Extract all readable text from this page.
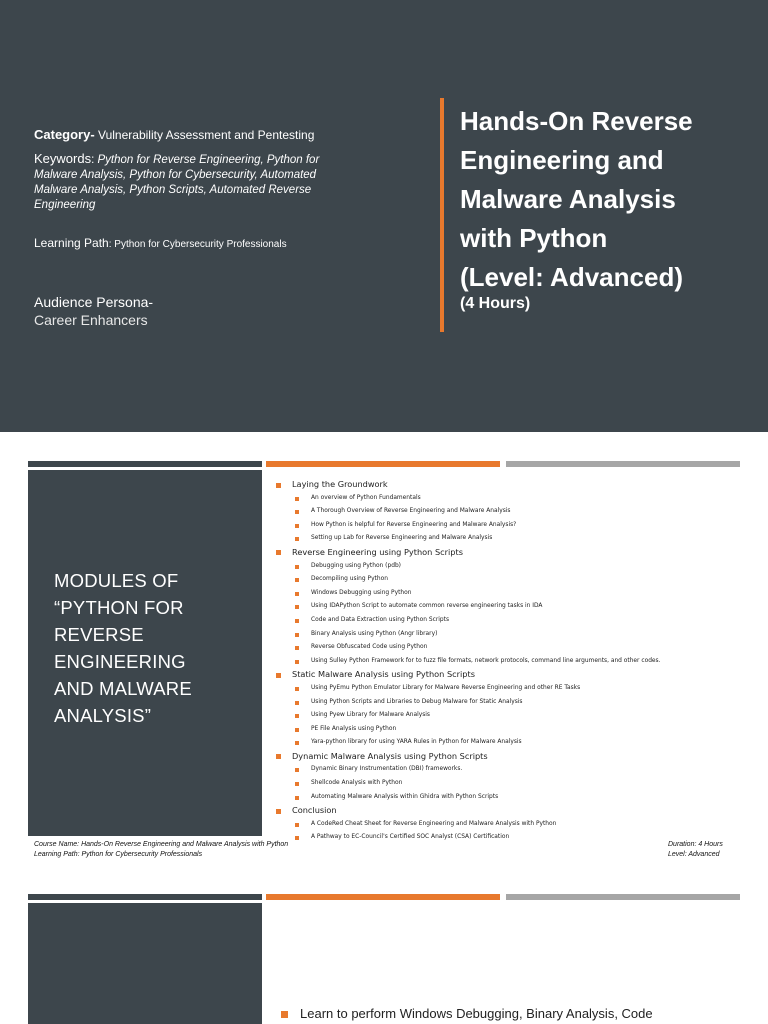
Category- Vulnerability Assessment and Pentesting
Keywords: Python for Reverse Engineering, Python for Malware Analysis, Python for Cybersecurity, Automated Malware Analysis, Python Scripts, Automated Reverse Engineering
Learning Path: Python for Cybersecurity Professionals
Audience Persona-
Career Enhancers
Hands-On Reverse
Engineering and
Malware Analysis
with Python
(Level: Advanced)
(4 Hours)
MODULES OF
“PYTHON FOR
REVERSE
ENGINEERING
AND MALWARE
ANALYSIS”
Laying the Groundwork
An overview of Python Fundamentals
A Thorough Overview of Reverse Engineering and Malware Analysis
How Python is helpful for Reverse Engineering and Malware Analysis?
Setting up Lab for Reverse Engineering and Malware Analysis
Reverse Engineering using Python Scripts
Debugging using Python (pdb)
Decompiling using Python
Windows Debugging using Python
Using IDAPython Script to automate common reverse engineering tasks in IDA
Code and Data Extraction using Python Scripts
Binary Analysis using Python (Angr library)
Reverse Obfuscated Code using Python
Using Sulley Python Framework for to fuzz file formats, network protocols, command line arguments, and other codes.
Static Malware Analysis using Python Scripts
Using PyEmu Python Emulator Library for Malware Reverse Engineering and other RE Tasks
Using Python Scripts and Libraries to Debug Malware for Static Analysis
Using Pyew Library for Malware Analysis
PE File Analysis using Python
Yara-python library for using YARA Rules in Python for Malware Analysis
Dynamic Malware Analysis using Python Scripts
Dynamic Binary Instrumentation (DBI) frameworks.
Shellcode Analysis with Python
Automating Malware Analysis within Ghidra with Python Scripts
Conclusion
A CodeRed Cheat Sheet for Reverse Engineering and Malware Analysis with Python
A Pathway to EC-Council's Certified SOC Analyst (CSA) Certification
Course Name: Hands-On Reverse Engineering and Malware Analysis with Python
Learning Path: Python for Cybersecurity Professionals
Duration: 4 Hours
Level: Advanced
Learn to perform Windows Debugging, Binary Analysis, Code
